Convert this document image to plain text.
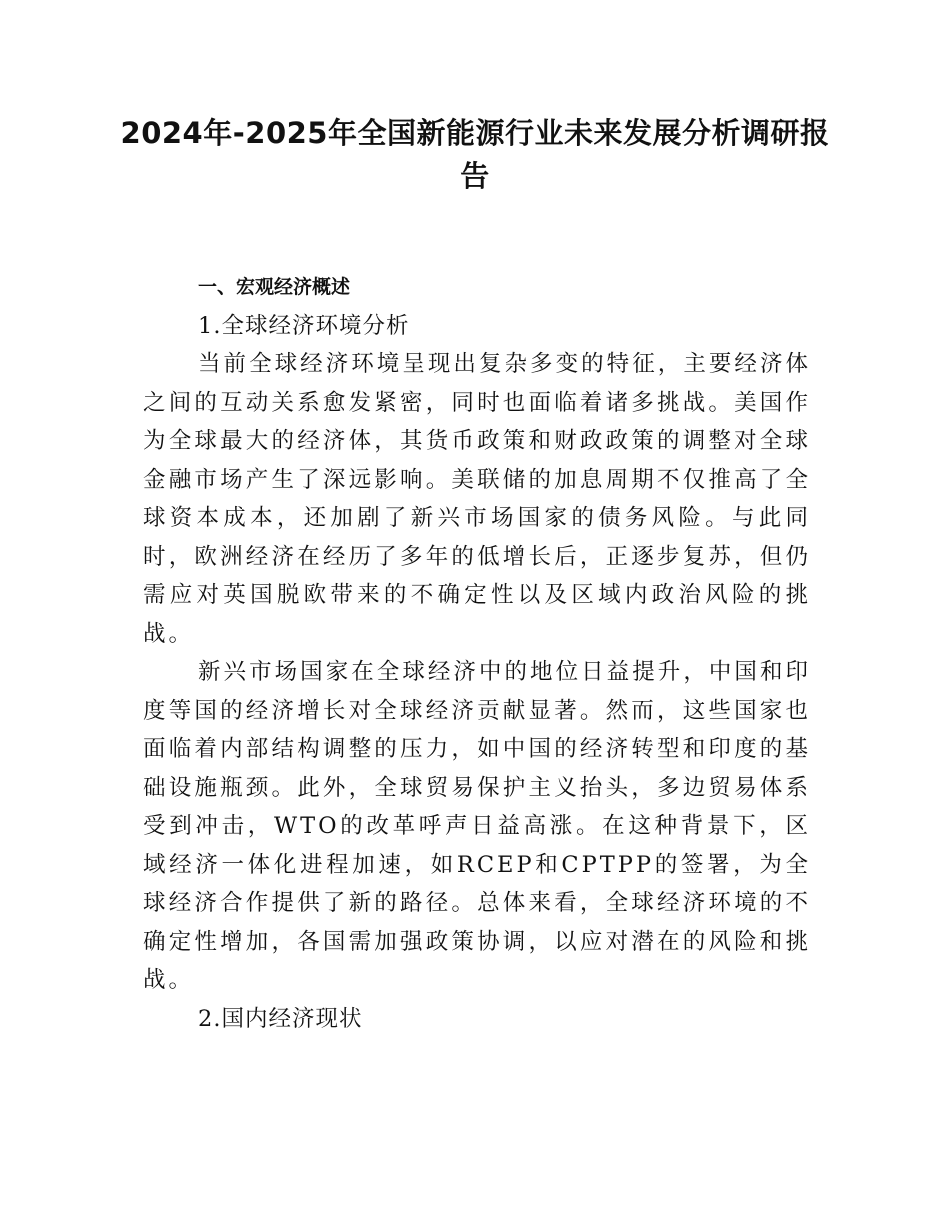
2024年-2025年全国新能源行业未来发展分析调研报告

一、宏观经济概述

1.全球经济环境分析

当前全球经济环境呈现出复杂多变的特征，主要经济体之间的互动关系愈发紧密，同时也面临着诸多挑战。美国作为全球最大的经济体，其货币政策和财政政策的调整对全球金融市场产生了深远影响。美联储的加息周期不仅推高了全球资本成本，还加剧了新兴市场国家的债务风险。与此同时，欧洲经济在经历了多年的低增长后，正逐步复苏，但仍需应对英国脱欧带来的不确定性以及区域内政治风险的挑战。

新兴市场国家在全球经济中的地位日益提升，中国和印度等国的经济增长对全球经济贡献显著。然而，这些国家也面临着内部结构调整的压力，如中国的经济转型和印度的基础设施瓶颈。此外，全球贸易保护主义抬头，多边贸易体系受到冲击，WTO的改革呼声日益高涨。在这种背景下，区域经济一体化进程加速，如RCEP和CPTPP的签署，为全球经济合作提供了新的路径。总体来看，全球经济环境的不确定性增加，各国需加强政策协调，以应对潜在的风险和挑战。

2.国内经济现状
